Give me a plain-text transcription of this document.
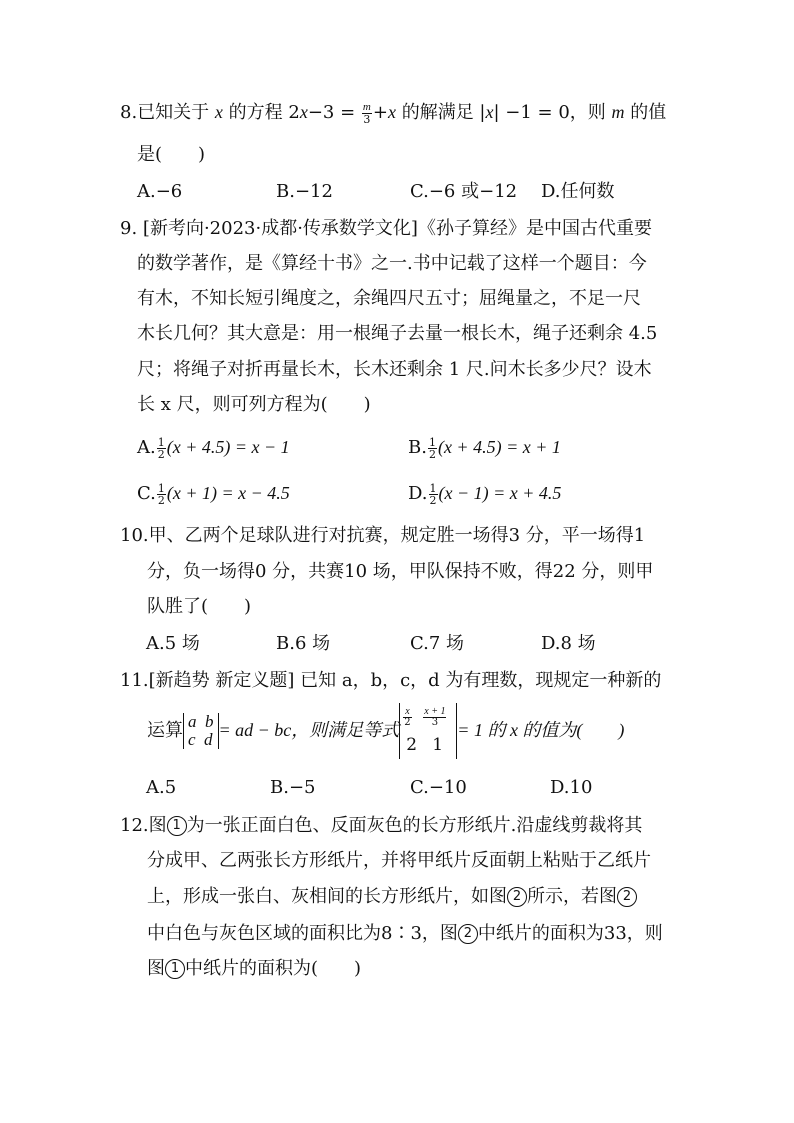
8.已知关于 x 的方程 $2x-3 = \frac{m}{3} +x$ 的解满足 |x| −1 = 0，则 m 的值
是(　　)
A.−6	B.−12	C.−6 或−12 D.任何数
9. [新考向·2023·成都·传承数学文化]《孙子算经》是中国古代重要
的数学著作，是《算经十书》之一.书中记载了这样一个题目：今
有木，不知长短引绳度之，余绳四尺五寸；屈绳量之，不足一尺
木长几何？其大意是：用一根绳子去量一根长木，绳子还剩余 4.5
尺；将绳子对折再量长木，长木还剩余 1 尺.问木长多少尺？设木
长 x 尺，则可列方程为(　　)
A. $\frac{1}{2} (x + 4.5) = x - 1$	B. $\frac{1}{2} (x + 4.5) = x + 1$
C. $\frac{1}{2} (x + 1) = x - 4.5$	D. $\frac{1}{2} (x - 1) = x + 4.5$
10.甲、乙两个足球队进行对抗赛，规定胜一场得3 分，平一场得1
分，负一场得0 分，共赛10 场，甲队保持不败，得22 分，则甲
队胜了(　　)
A.5 场	B.6 场	C.7 场	D.8 场
11.[新趋势 新定义题] 已知 a，b，c，d 为有理数，现规定一种新的
运算 a b
c d = ad − bc，则满足等式
$\frac{x}{2} \frac{x + 1}{3}$
2 1
= 1 的 x 的值为(　　)
A.5	B.−5	C.−10	D.10
12.图 1 为一张正面白色、反面灰色的长方形纸片.沿虚线剪裁将其
分成甲、乙两张长方形纸片，并将甲纸片反面朝上粘贴于乙纸片
上，形成一张白、灰相间的长方形纸片，如图 2 所示，若图 2
中白色与灰色区域的面积比为8∶3，图 2 中纸片的面积为33，则
图 1 中纸片的面积为(　　)
